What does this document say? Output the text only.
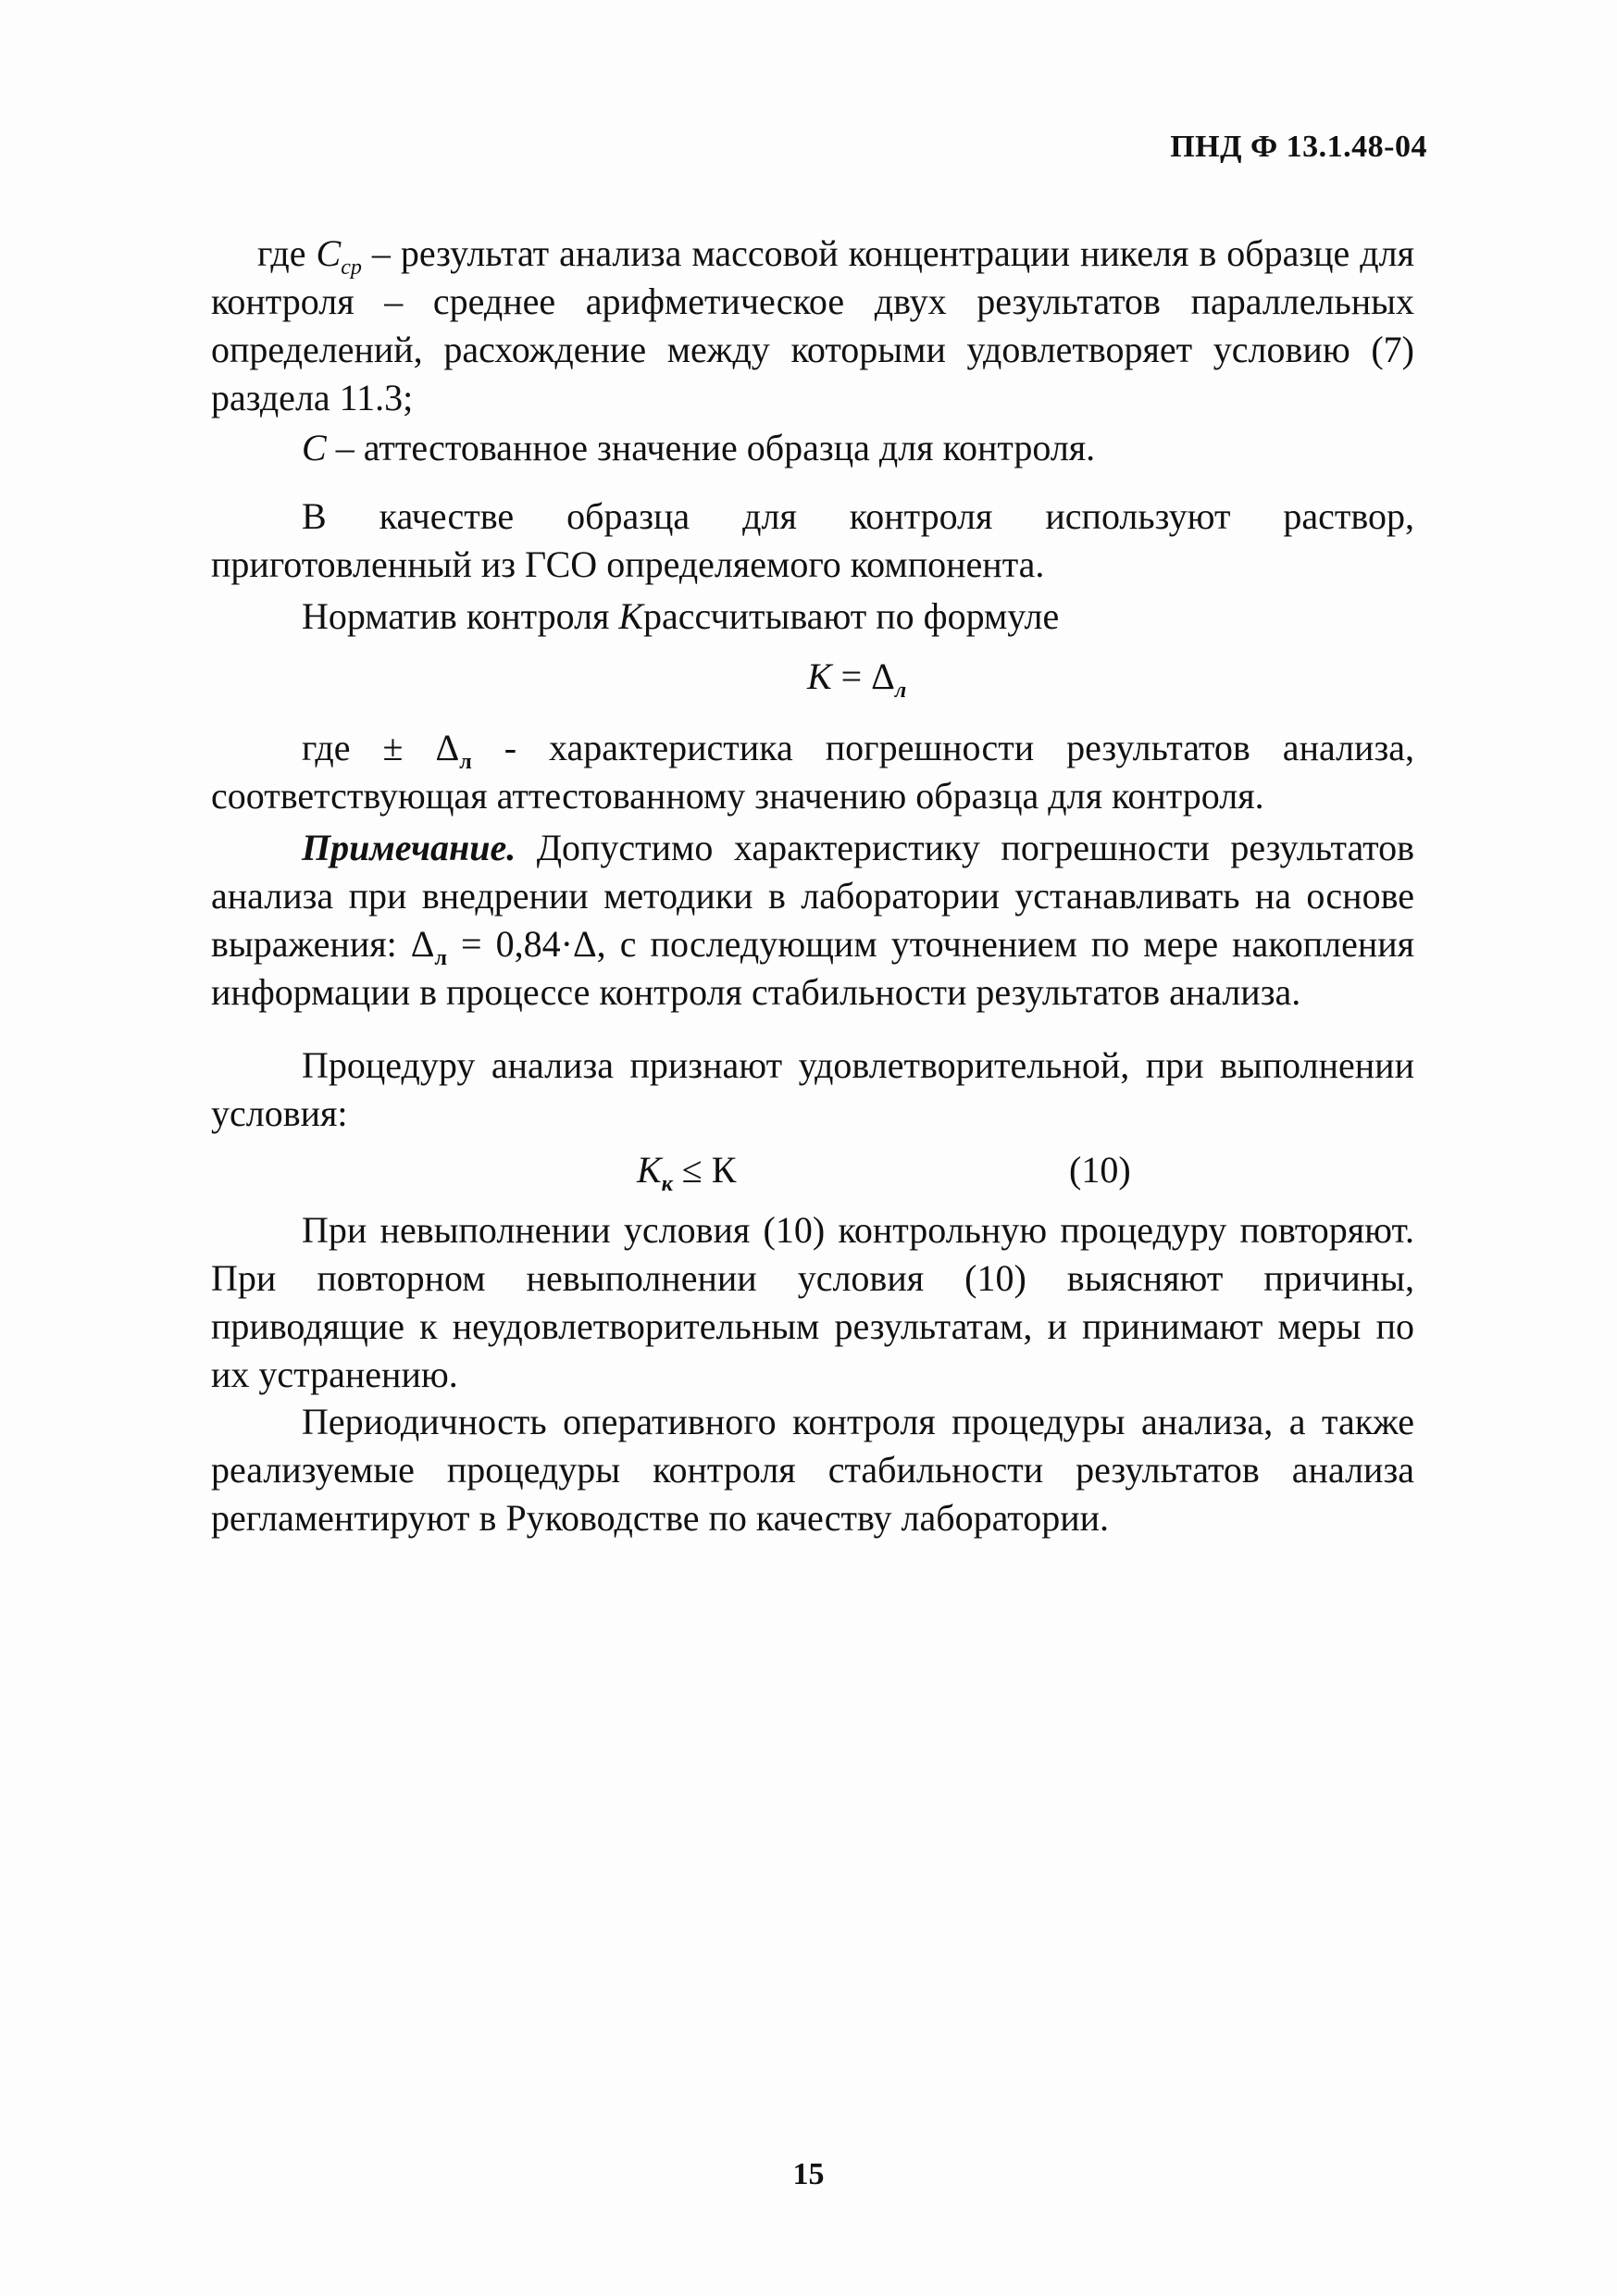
ПНД Ф 13.1.48-04

где $C_{ср}$ – результат анализа массовой концентрации никеля в образце для контроля – среднее арифметическое двух результатов параллельных определений, расхождение между которыми удовлетворяет условию (7) раздела 11.3;

C – аттестованное значение образца для контроля.

В качестве образца для контроля используют раствор, приготовленный из ГСО определяемого компонента.

Норматив контроля Крассчитывают по формуле

$К = \Delta_л$

где ± $\Delta_л$ - характеристика погрешности результатов анализа, соответствующая аттестованному значению образца для контроля.

Примечание. Допустимо характеристику погрешности результатов анализа при внедрении методики в лаборатории устанавливать на основе выражения: $\Delta_л = 0,84\cdot\Delta$, с последующим уточнением по мере накопления информации в процессе контроля стабильности результатов анализа.

Процедуру анализа признают удовлетворительной, при выполнении условия:

$К_к \le К$	(10)

При невыполнении условия (10) контрольную процедуру повторяют. При повторном невыполнении условия (10) выясняют причины, приводящие к неудовлетворительным результатам, и принимают меры по их устранению.

Периодичность оперативного контроля процедуры анализа, а также реализуемые процедуры контроля стабильности результатов анализа регламентируют в Руководстве по качеству лаборатории.

15
